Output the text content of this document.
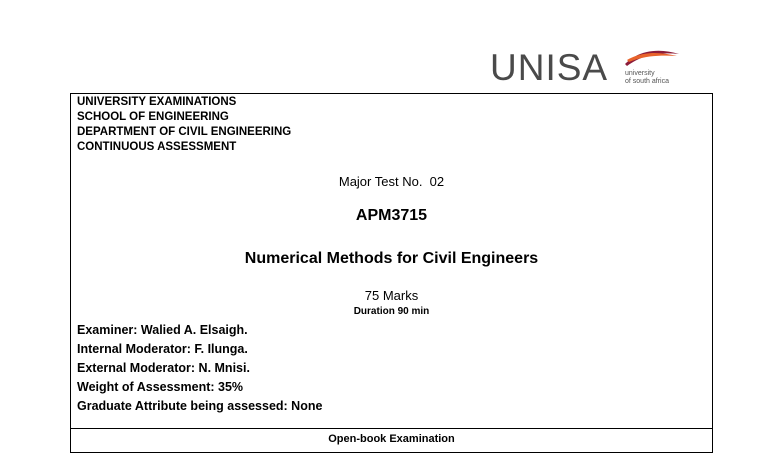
UNISA university
of south africa
UNIVERSITY EXAMINATIONS
SCHOOL OF ENGINEERING
DEPARTMENT OF CIVIL ENGINEERING
CONTINUOUS ASSESSMENT
Major Test No.  02
APM3715
Numerical Methods for Civil Engineers
75 Marks
Duration 90 min
Examiner: Walied A. Elsaigh.
Internal Moderator: F. Ilunga.
External Moderator: N. Mnisi.
Weight of Assessment: 35%
Graduate Attribute being assessed: None
Open-book Examination
